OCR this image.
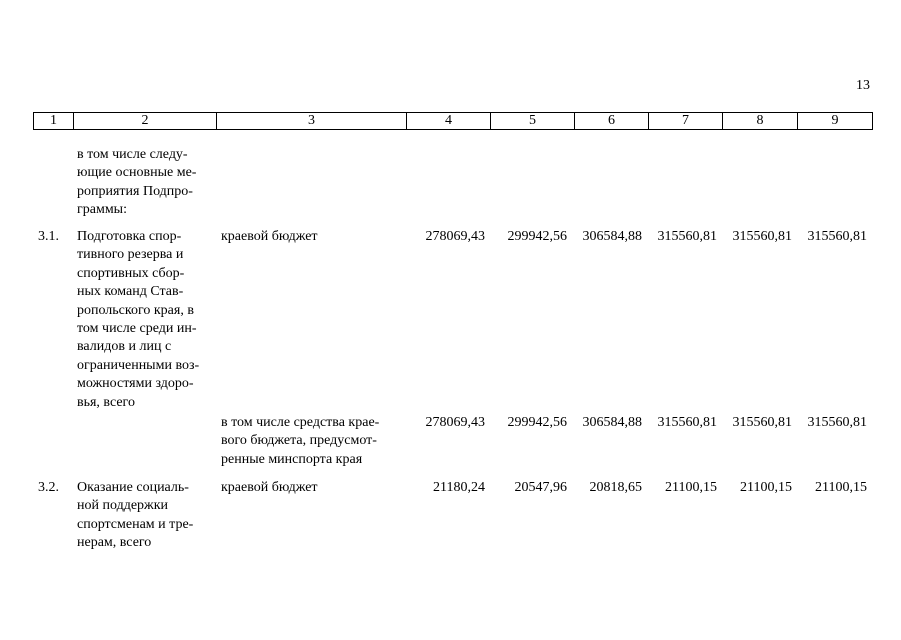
13
1	2	3	4	5	6	7	8	9
в том числе следу-
ющие основные ме-
роприятия Подпро-
граммы:
3.1. Подготовка спор-
тивного резерва и
спортивных сбор-
ных команд Став-
ропольского края, в
том числе среди ин-
валидов и лиц с
ограниченными воз-
можностями здоро-
вья, всего
краевой бюджет	278069,43	299942,56	306584,88	315560,81	315560,81	315560,81
в том числе средства крае-
вого бюджета, предусмот-
ренные минспорта края
278069,43	299942,56	306584,88	315560,81	315560,81	315560,81
3.2. Оказание социаль-
ной поддержки
спортсменам и тре-
нерам, всего
краевой бюджет	21180,24	20547,96	20818,65	21100,15	21100,15	21100,15
